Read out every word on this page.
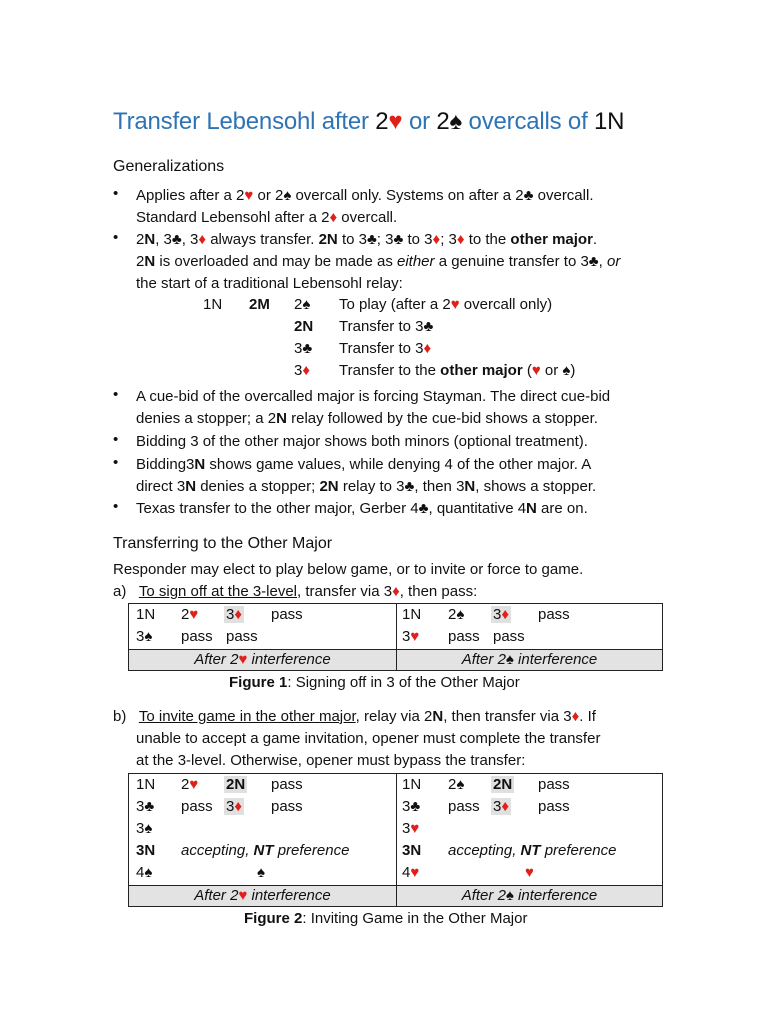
Transfer Lebensohl after 2♥ or 2♠ overcalls of 1N
Generalizations
• Applies after a 2♥ or 2♠ overcall only. Systems on after a 2♣ overcall.
Standard Lebensohl after a 2♦ overcall.
• 2N, 3♣, 3♦ always transfer. 2N to 3♣; 3♣ to 3♦; 3♦ to the other major.
2N is overloaded and may be made as either a genuine transfer to 3♣, or
the start of a traditional Lebensohl relay:
1N 2M 2♠ To play (after a 2♥ overcall only)
2N Transfer to 3♣
3♣ Transfer to 3♦
3♦ Transfer to the other major (♥ or ♠)
• A cue-bid of the overcalled major is forcing Stayman. The direct cue-bid
denies a stopper; a 2N relay followed by the cue-bid shows a stopper.
• Bidding 3 of the other major shows both minors (optional treatment).
• Bidding3N shows game values, while denying 4 of the other major. A
direct 3N denies a stopper; 2N relay to 3♣, then 3N, shows a stopper.
• Texas transfer to the other major, Gerber 4♣, quantitative 4N are on.
Transferring to the Other Major
Responder may elect to play below game, or to invite or force to game.
a) To sign off at the 3-level, transfer via 3♦, then pass:
1N 2♥ 3♦ pass
3♠ pass pass
1N 2♠ 3♦ pass
3♥ pass pass
After 2♥ interference	After 2♠ interference
Figure 1: Signing off in 3 of the Other Major
b) To invite game in the other major, relay via 2N, then transfer via 3♦. If
unable to accept a game invitation, opener must complete the transfer
at the 3-level. Otherwise, opener must bypass the transfer:
1N 2♥ 2N pass
3♣ pass 3♦ pass
3♠
3N accepting, NT preference
4♠	♠
1N 2♠ 2N pass
3♣ pass 3♦ pass
3♥
3N accepting, NT preference
4♥	♥
After 2♥ interference	After 2♠ interference
Figure 2: Inviting Game in the Other Major
